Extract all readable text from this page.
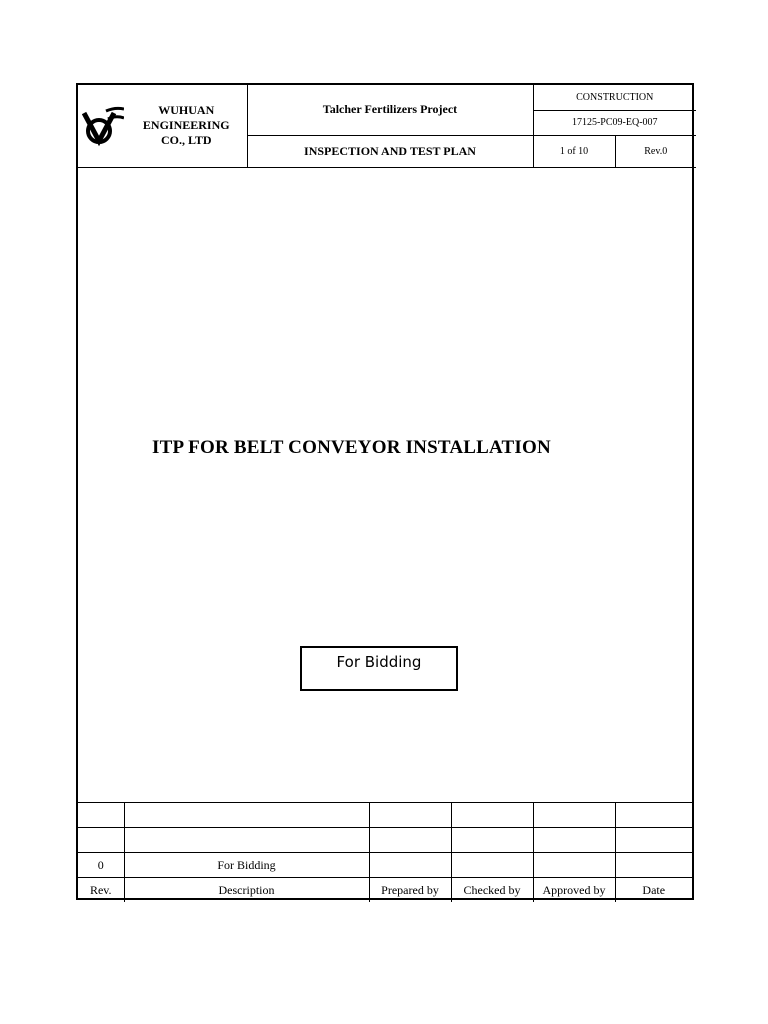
WUHUAN
ENGINEERING
CO., LTD	Talcher Fertilizers Project	CONSTRUCTION	
		17125-PC09-EQ-007	
	INSPECTION AND TEST PLAN	1 of 10	Rev.0
ITP FOR BELT CONVEYOR INSTALLATION
For Bidding

0	For Bidding				
Rev.	Description	Prepared by	Checked by	Approved by	Date
